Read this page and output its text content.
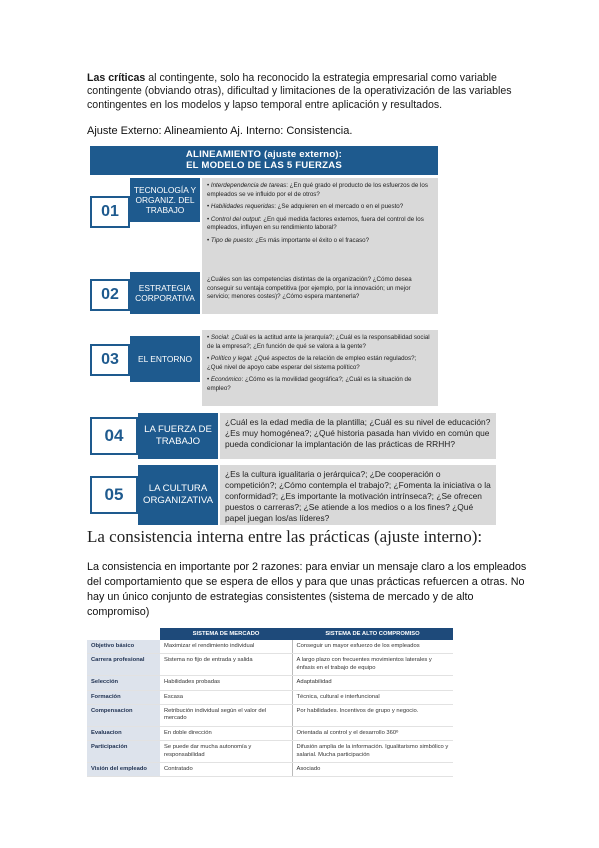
Las críticas al contingente, solo ha reconocido la estrategia empresarial como variable contingente (obviando otras), dificultad y limitaciones de la operativización de las variables contingentes en los modelos y lapso temporal entre aplicación y resultados.
Ajuste Externo: Alineamiento Aj. Interno: Consistencia.
ALINEAMIENTO (ajuste externo):
EL MODELO DE LAS 5 FUERZAS
01
TECNOLOGÍA Y ORGANIZ. DEL TRABAJO

• Interdependencia de tareas: ¿En qué grado el producto de los esfuerzos de los empleados se ve influido por el de otros?

• Habilidades requeridas: ¿Se adquieren en el mercado o en el puesto?

• Control del output: ¿En qué medida factores externos, fuera del control de los empleados, influyen en su rendimiento laboral?

• Tipo de puesto: ¿Es más importante el éxito o el fracaso?

02	ESTRATEGIA CORPORATIVA
¿Cuáles son las competencias distintas de la organización? ¿Cómo desea conseguir su ventaja competitiva (por ejemplo, por la innovación; un mejor servicio; menores costes)? ¿Cómo espera mantenerla?
03	EL ENTORNO

• Social: ¿Cuál es la actitud ante la jerarquía?; ¿Cuál es la responsabilidad social de la empresa?; ¿En función de qué se valora a la gente?

• Político y legal: ¿Qué aspectos de la relación de empleo están regulados?; ¿Qué nivel de apoyo cabe esperar del sistema político?

• Económico: ¿Cómo es la movilidad geográfica?; ¿Cuál es la situación de empleo?

04	LA FUERZA DE TRABAJO
¿Cuál es la edad media de la plantilla; ¿Cuál es su nivel de educación? ¿Es muy homogénea?; ¿Qué historia pasada han vivido en común que pueda condicionar la implantación de las prácticas de RRHH?
05	LA CULTURA ORGANIZATIVA
¿Es la cultura igualitaria o jerárquica?; ¿De cooperación o competición?; ¿Cómo contempla el trabajo?; ¿Fomenta la iniciativa o la conformidad?; ¿Es importante la motivación intrínseca?; ¿Se ofrecen puestos o carreras?; ¿Se atiende a los medios o a los fines? ¿Qué papel juegan los/as líderes?
La consistencia interna entre las prácticas (ajuste interno):
La consistencia en importante por 2 razones: para enviar un mensaje claro a los empleados del comportamiento que se espera de ellos y para que unas prácticas refuercen a otras. No hay un único conjunto de estrategias consistentes (sistema de mercado y de alto compromiso)
	SISTEMA DE MERCADO	SISTEMA DE ALTO COMPROMISO
Objetivo básico	Maximizar el rendimiento individual	Conseguir un mayor esfuerzo de los empleados
Carrera profesional	Sistema no fijo de entrada y salida	A largo plazo con frecuentes movimientos laterales y énfasis en el trabajo de equipo
Selección	Habilidades probadas	Adaptabilidad
Formación	Escasa	Técnica, cultural e interfuncional
Compensacion	Retribución individual según el valor del mercado	Por habilidades. Incentivos de grupo y negocio.
Evaluacion	En doble dirección	Orientada al control y el desarrollo 360º
Participación	Se puede dar mucha autonomía y responsabilidad	Difusión amplia de la información. Igualitarismo simbólico y salarial. Mucha participación
Visión del empleado	Contratado	Asociado
